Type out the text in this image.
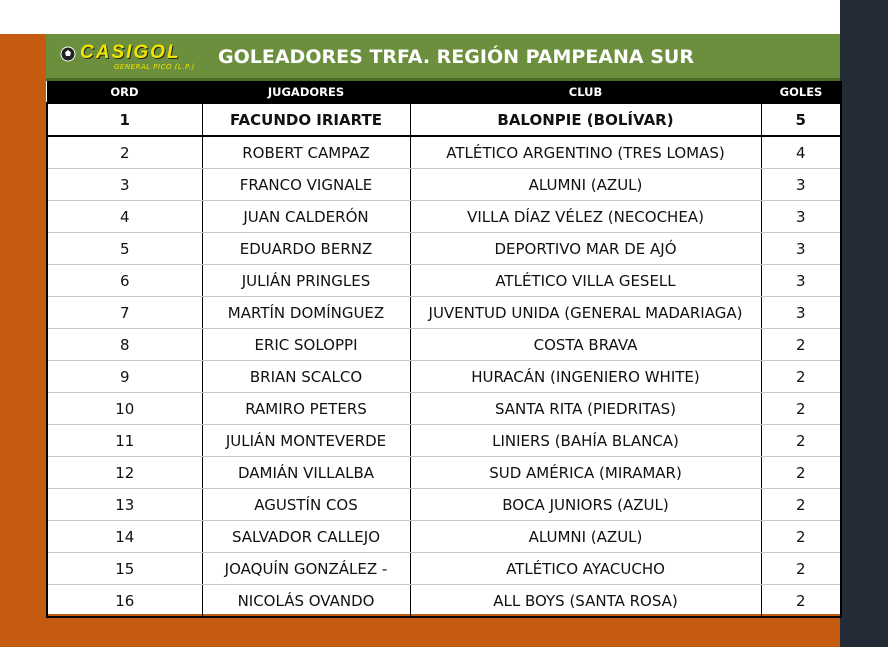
CASIGOL
GENERAL PICO (L.P.)	GOLEADORES TRFA. REGIÓN PAMPEANA SUR
ORD	JUGADORES	CLUB	GOLES
1	FACUNDO IRIARTE	BALONPIE (BOLÍVAR)	5
2	ROBERT CAMPAZ	ATLÉTICO ARGENTINO (TRES LOMAS)	4
3	FRANCO VIGNALE	ALUMNI (AZUL)	3
4	JUAN CALDERÓN	VILLA DÍAZ VÉLEZ (NECOCHEA)	3
5	EDUARDO BERNZ	DEPORTIVO MAR DE AJÓ	3
6	JULIÁN PRINGLES	ATLÉTICO VILLA GESELL	3
7	MARTÍN DOMÍNGUEZ	JUVENTUD UNIDA (GENERAL MADARIAGA)	3
8	ERIC SOLOPPI	COSTA BRAVA	2
9	BRIAN SCALCO	HURACÁN (INGENIERO WHITE)	2
10	RAMIRO PETERS	SANTA RITA (PIEDRITAS)	2
11	JULIÁN MONTEVERDE	LINIERS (BAHÍA BLANCA)	2
12	DAMIÁN VILLALBA	SUD AMÉRICA (MIRAMAR)	2
13	AGUSTÍN COS	BOCA JUNIORS (AZUL)	2
14	SALVADOR CALLEJO	ALUMNI (AZUL)	2
15	JOAQUÍN GONZÁLEZ -	ATLÉTICO AYACUCHO	2
16	NICOLÁS OVANDO	ALL BOYS (SANTA ROSA)	2
